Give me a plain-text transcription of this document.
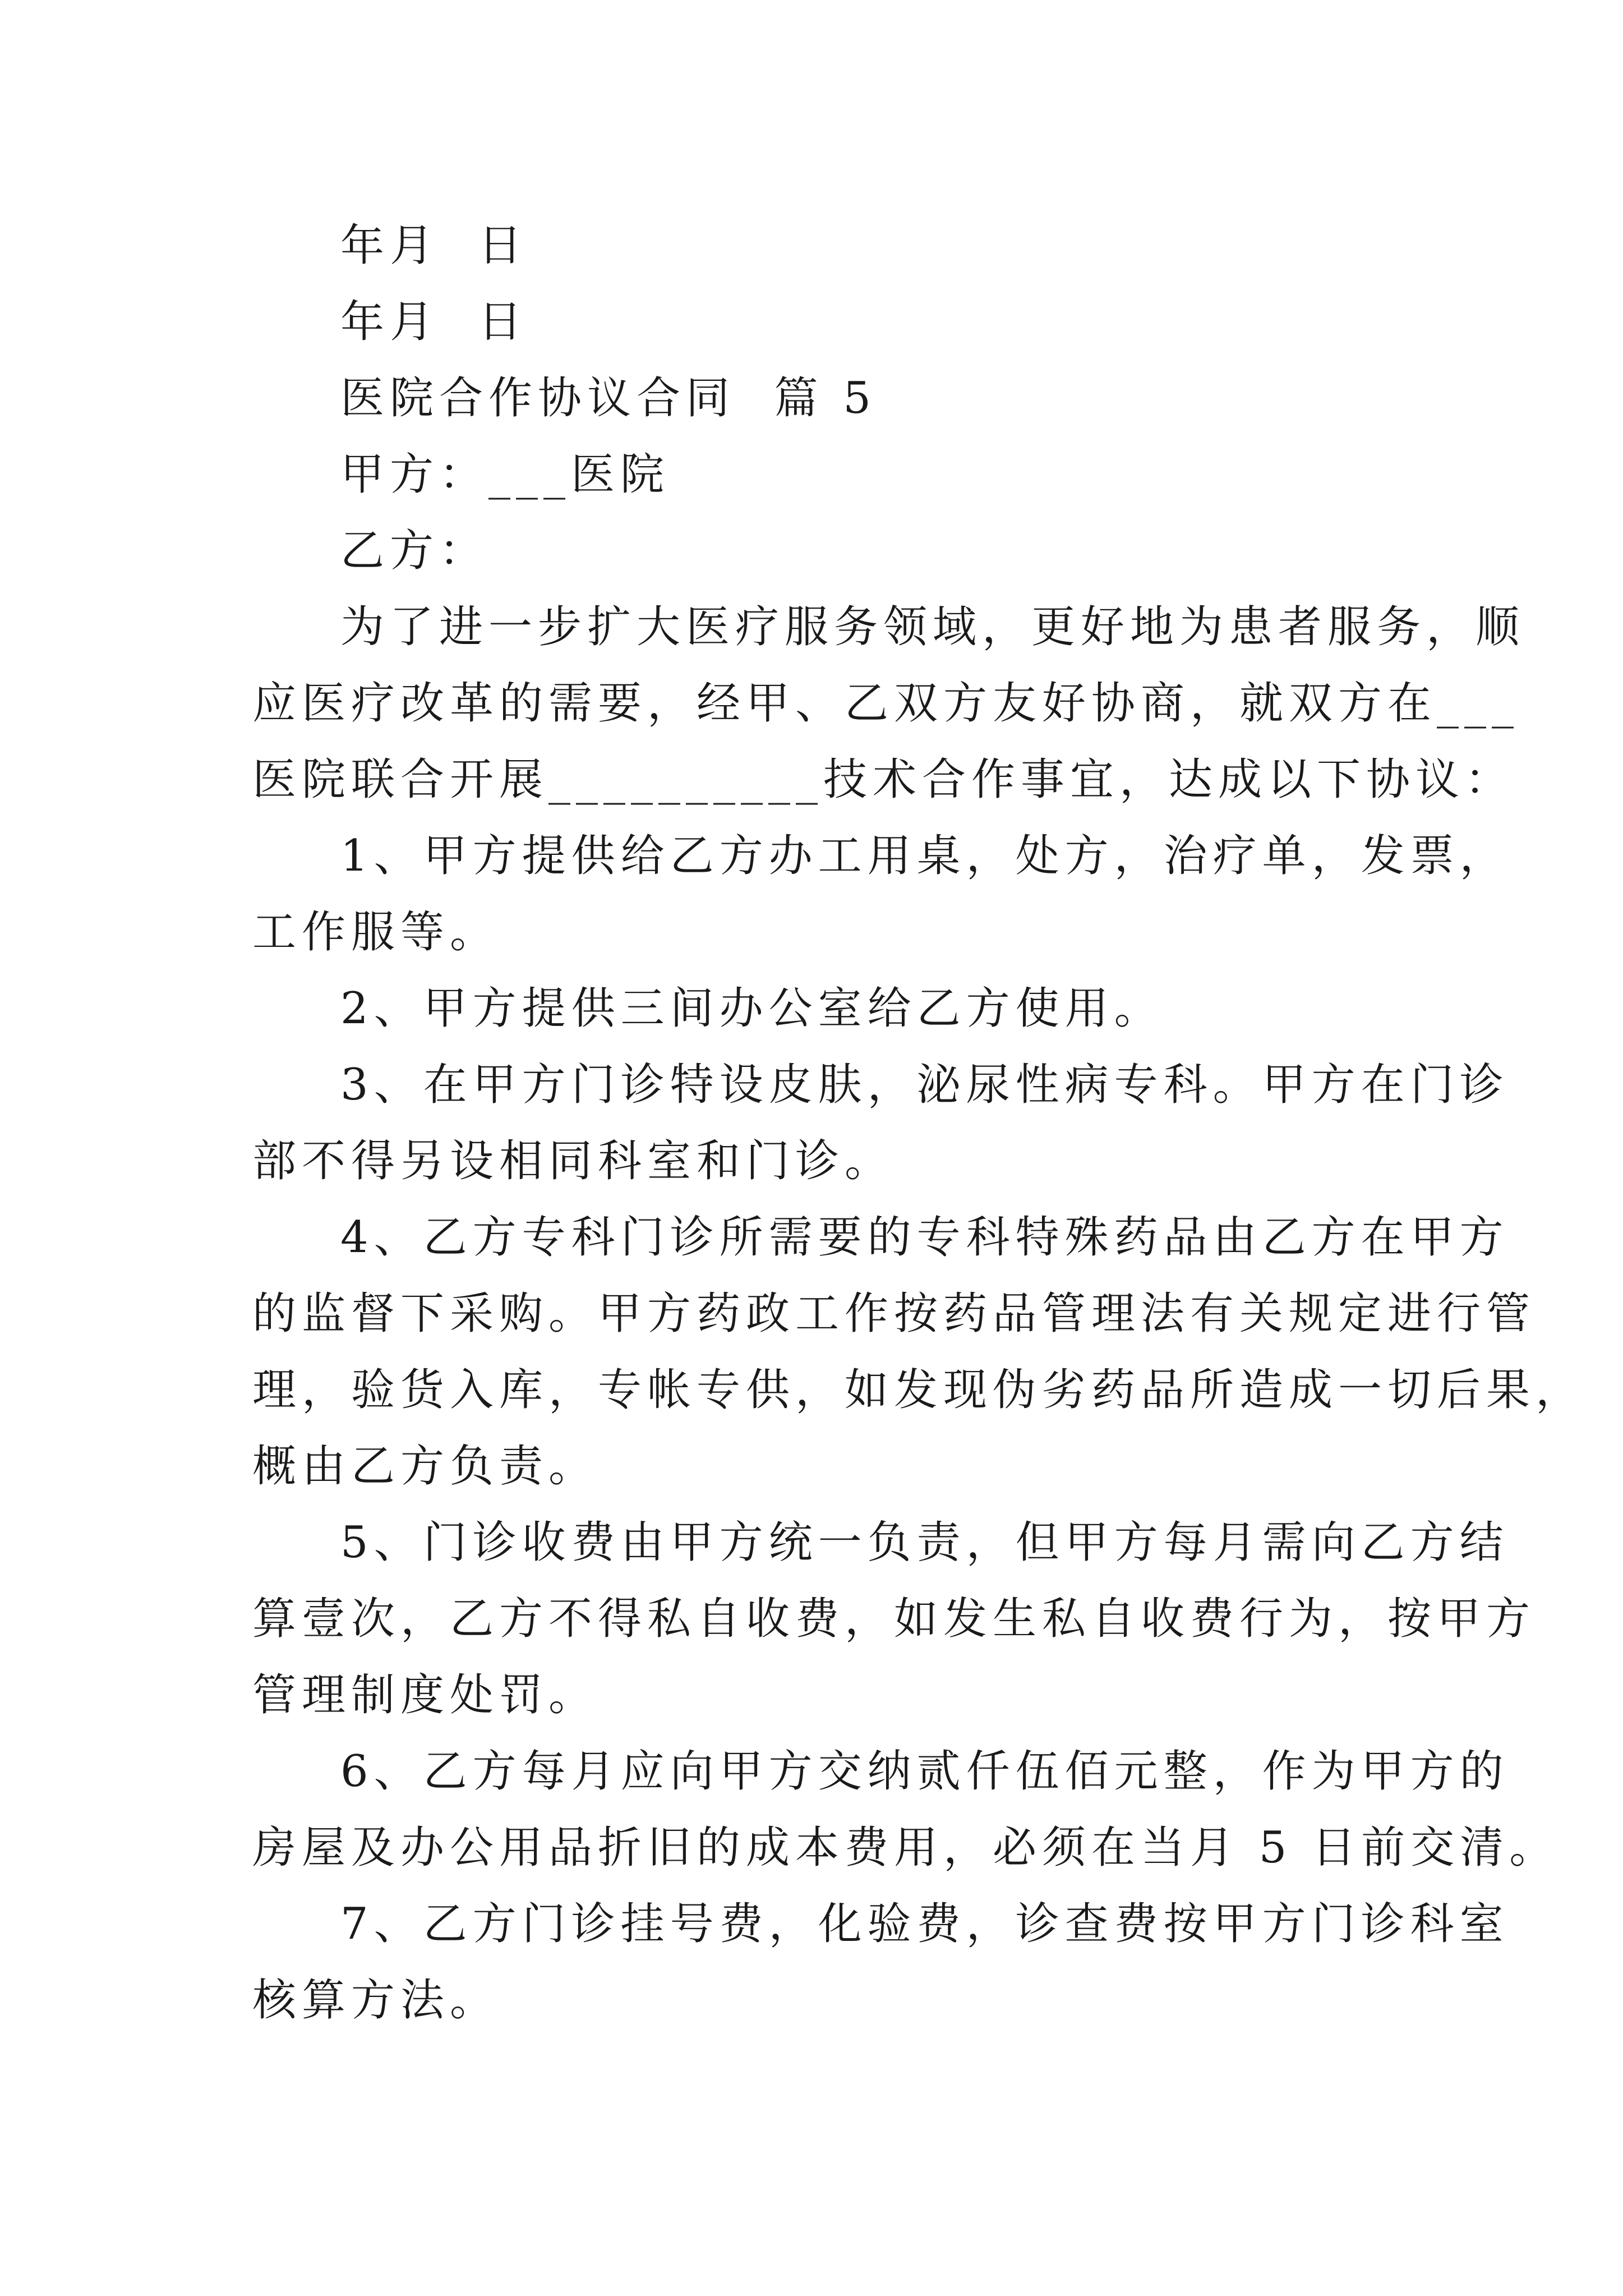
年月  日

年月  日

医院合作协议合同  篇 5

甲方：___医院

乙方：

为了进一步扩大医疗服务领域，更好地为患者服务，顺

应医疗改革的需要，经甲、乙双方友好协商，就双方在___

医院联合开展__________技术合作事宜，达成以下协议：

1、甲方提供给乙方办工用桌，处方，治疗单，发票，

工作服等。

2、甲方提供三间办公室给乙方使用。

3、在甲方门诊特设皮肤，泌尿性病专科。甲方在门诊

部不得另设相同科室和门诊。

4、乙方专科门诊所需要的专科特殊药品由乙方在甲方

的监督下采购。甲方药政工作按药品管理法有关规定进行管

理，验货入库，专帐专供，如发现伪劣药品所造成一切后果，

概由乙方负责。

5、门诊收费由甲方统一负责，但甲方每月需向乙方结

算壹次，乙方不得私自收费，如发生私自收费行为，按甲方

管理制度处罚。

6、乙方每月应向甲方交纳贰仟伍佰元整，作为甲方的

房屋及办公用品折旧的成本费用，必须在当月 5 日前交清。

7、乙方门诊挂号费，化验费，诊查费按甲方门诊科室

核算方法。
